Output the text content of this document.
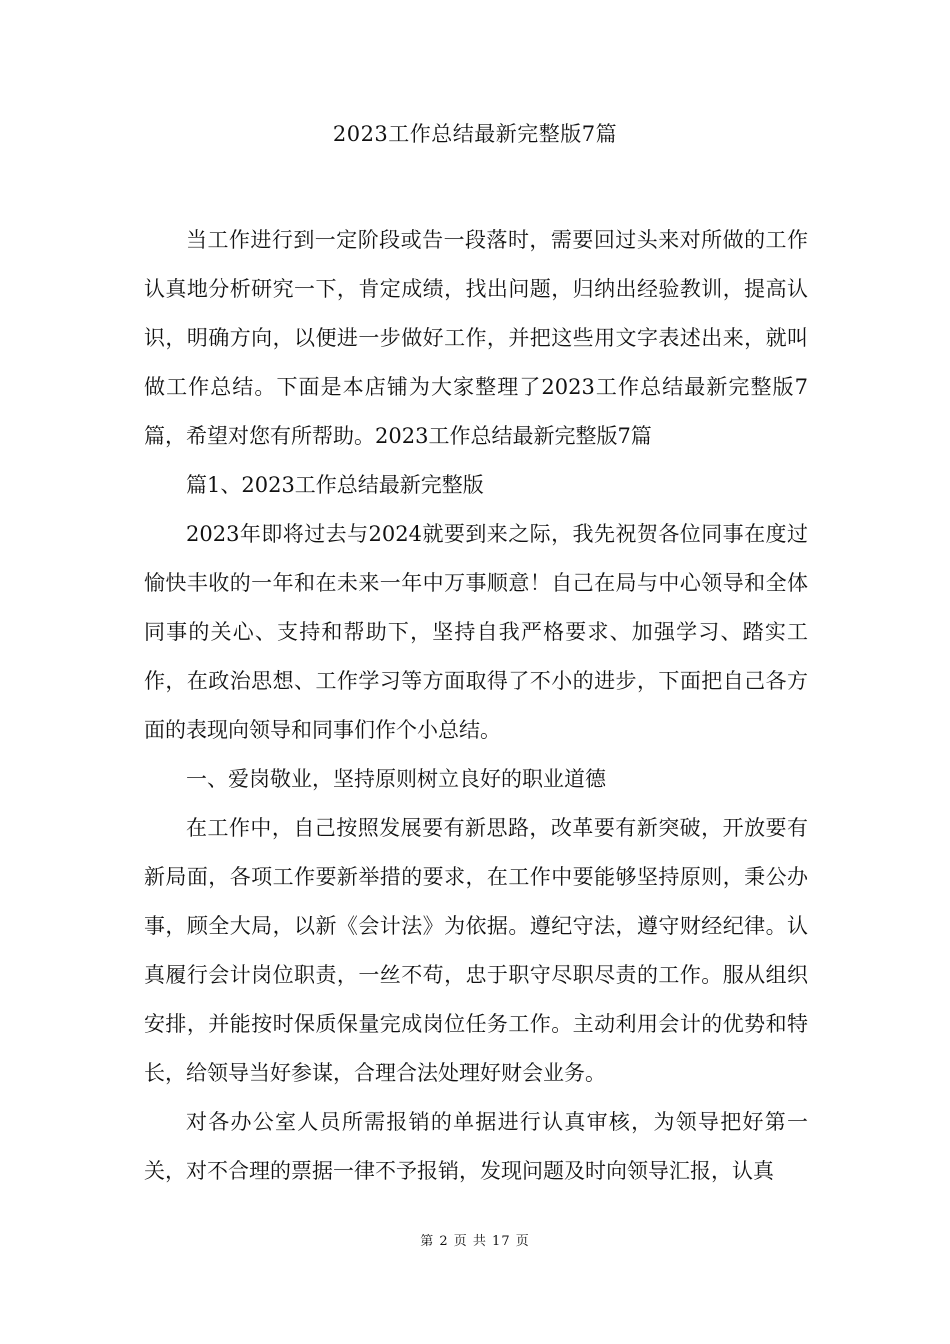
2023工作总结最新完整版7篇

当工作进行到一定阶段或告一段落时，需要回过头来对所做的工作认真地分析研究一下，肯定成绩，找出问题，归纳出经验教训，提高认识，明确方向，以便进一步做好工作，并把这些用文字表述出来，就叫做工作总结。下面是本店铺为大家整理了2023工作总结最新完整版7篇，希望对您有所帮助。2023工作总结最新完整版7篇

篇1、2023工作总结最新完整版

2023年即将过去与2024就要到来之际，我先祝贺各位同事在度过愉快丰收的一年和在未来一年中万事顺意！自己在局与中心领导和全体同事的关心、支持和帮助下，坚持自我严格要求、加强学习、踏实工作，在政治思想、工作学习等方面取得了不小的进步，下面把自己各方面的表现向领导和同事们作个小总结。

一、爱岗敬业，坚持原则树立良好的职业道德

在工作中，自己按照发展要有新思路，改革要有新突破，开放要有新局面，各项工作要新举措的要求，在工作中要能够坚持原则，秉公办事，顾全大局，以新《会计法》为依据。遵纪守法，遵守财经纪律。认真履行会计岗位职责，一丝不苟，忠于职守尽职尽责的工作。服从组织安排，并能按时保质保量完成岗位任务工作。主动利用会计的优势和特长，给领导当好参谋，合理合法处理好财会业务。

对各办公室人员所需报销的单据进行认真审核，为领导把好第一关，对不合理的票据一律不予报销，发现问题及时向领导汇报，认真

第 2 页 共 17 页
